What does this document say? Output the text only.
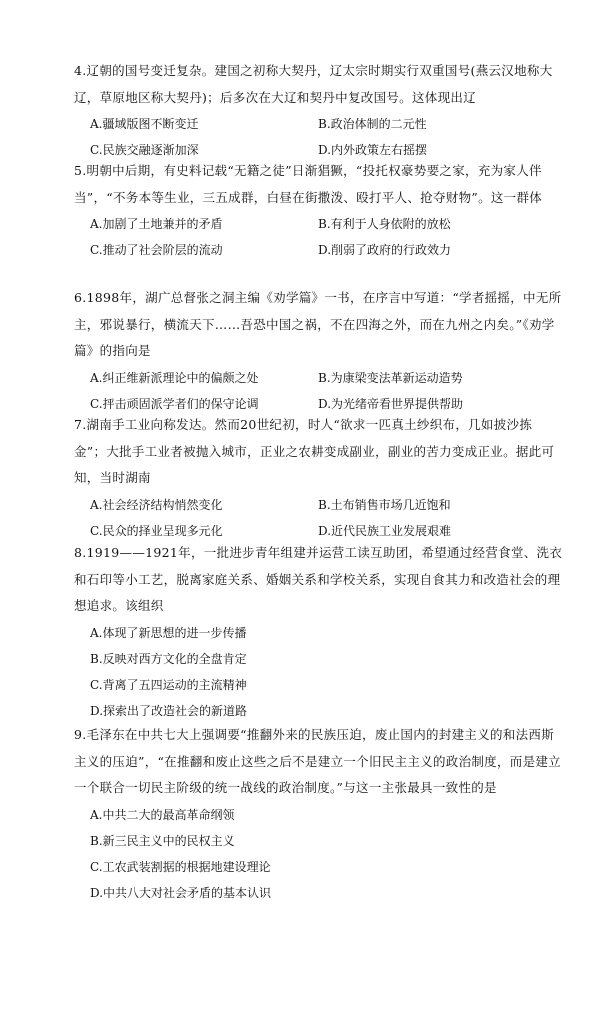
4.辽朝的国号变迁复杂。建国之初称大契丹，辽太宗时期实行双重国号(燕云汉地称大辽，草原地区称大契丹)；后多次在大辽和契丹中复改国号。这体现出辽

A.疆域版图不断变迁	B.政治体制的二元性
C.民族交融逐渐加深	D.内外政策左右摇摆

5.明朝中后期，有史料记载“无籍之徒”日渐猖獗，“投托权豪势要之家，充为家人伴当”，“不务本等生业，三五成群，白昼在街撒泼、殴打平人、抢夺财物”。这一群体

A.加剧了土地兼并的矛盾	B.有利于人身依附的放松
C.推动了社会阶层的流动	D.削弱了政府的行政效力

6.1898年，湖广总督张之洞主编《劝学篇》一书，在序言中写道：“学者摇摇，中无所主，邪说暴行，横流天下……吾恐中国之祸，不在四海之外，而在九州之内矣。”《劝学篇》的指向是

A.纠正维新派理论中的偏颇之处	B.为康梁变法革新运动造势
C.抨击顽固派学者们的保守论调	D.为光绪帝看世界提供帮助

7.湖南手工业向称发达。然而20世纪初，时人“欲求一匹真土纱织布，几如披沙拣金”；大批手工业者被抛入城市，正业之农耕变成副业，副业的苦力变成正业。据此可知，当时湖南

A.社会经济结构悄然变化	B.土布销售市场几近饱和
C.民众的择业呈现多元化	D.近代民族工业发展艰难

8.1919——1921年，一批进步青年组建并运营工读互助团，希望通过经营食堂、洗衣和石印等小工艺，脱离家庭关系、婚姻关系和学校关系，实现自食其力和改造社会的理想追求。该组织

A.体现了新思想的进一步传播
B.反映对西方文化的全盘肯定
C.背离了五四运动的主流精神
D.探索出了改造社会的新道路

9.毛泽东在中共七大上强调要“推翻外来的民族压迫，废止国内的封建主义的和法西斯主义的压迫”，“在推翻和废止这些之后不是建立一个旧民主主义的政治制度，而是建立一个联合一切民主阶级的统一战线的政治制度。”与这一主张最具一致性的是

A.中共二大的最高革命纲领
B.新三民主义中的民权主义
C.工农武装割据的根据地建设理论
D.中共八大对社会矛盾的基本认识
